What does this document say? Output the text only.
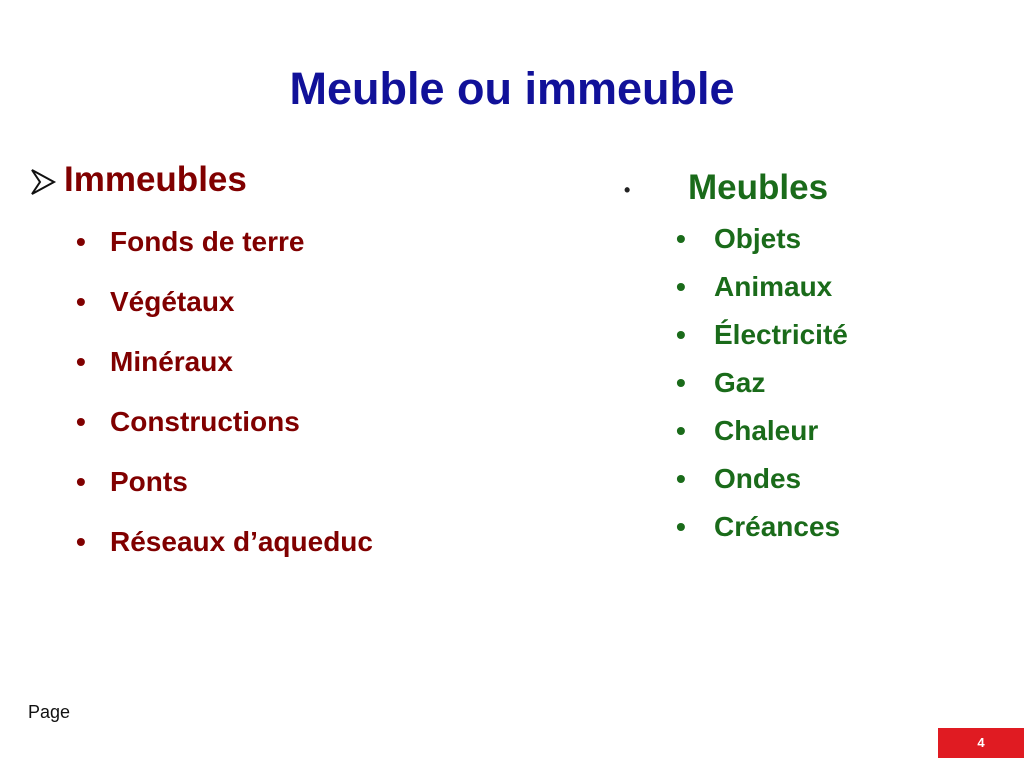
Meuble ou immeuble
Immeubles
• Fonds de terre
• Végétaux
• Minéraux
• Constructions
• Ponts
• Réseaux d’aqueduc
• Meubles
• Objets
• Animaux
• Électricité
• Gaz
• Chaleur
• Ondes
• Créances
Page
4
